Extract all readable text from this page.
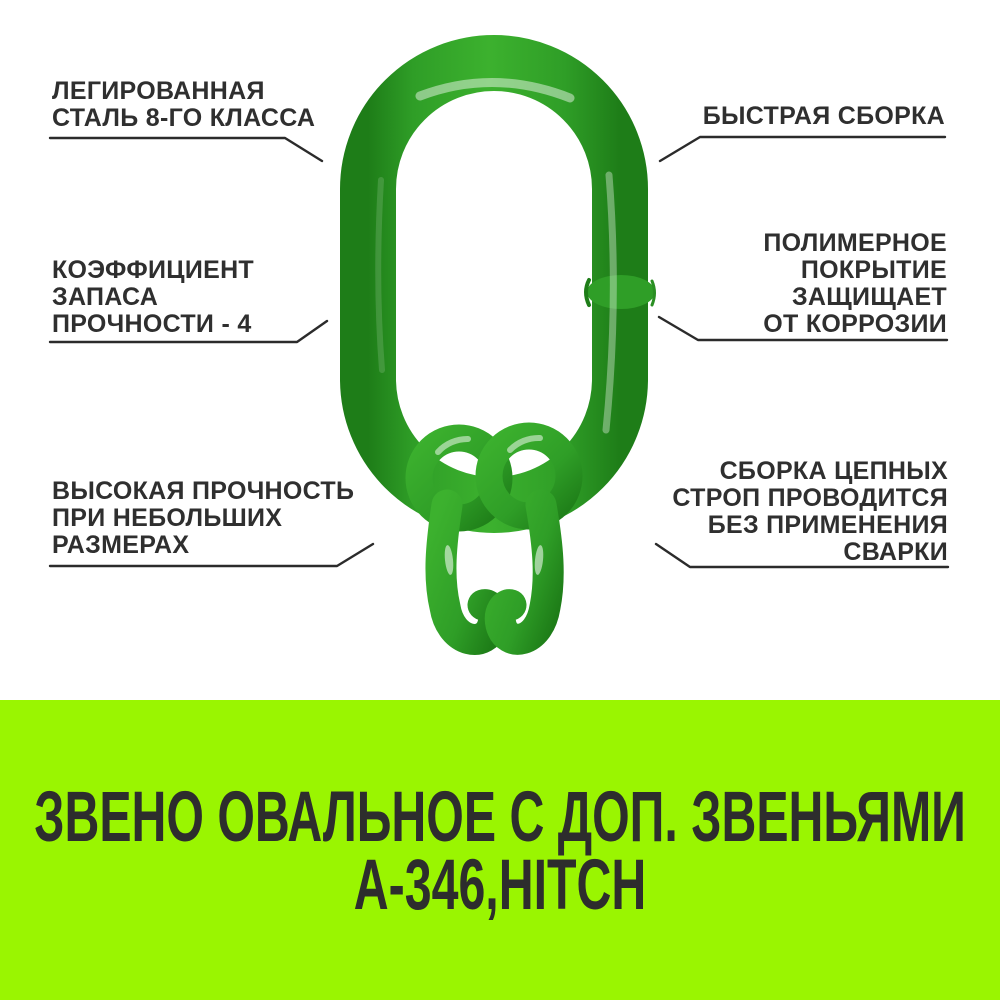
ЛЕГИРОВАННАЯ
СТАЛЬ 8-ГО КЛАССА	БЫСТРАЯ СБОРКА
КОЭФФИЦИЕНТ
ЗАПАСА
ПРОЧНОСТИ - 4
ПОЛИМЕРНОЕ
ПОКРЫТИЕ
ЗАЩИЩАЕТ
ОТ КОРРОЗИИ
ВЫСОКАЯ ПРОЧНОСТЬ
ПРИ НЕБОЛЬШИХ
РАЗМЕРАХ
СБОРКА ЦЕПНЫХ
СТРОП ПРОВОДИТСЯ
БЕЗ ПРИМЕНЕНИЯ
СВАРКИ
ЗВЕНО ОВАЛЬНОЕ С ДОП. ЗВЕНЬЯМИ
А-346,HITCH
